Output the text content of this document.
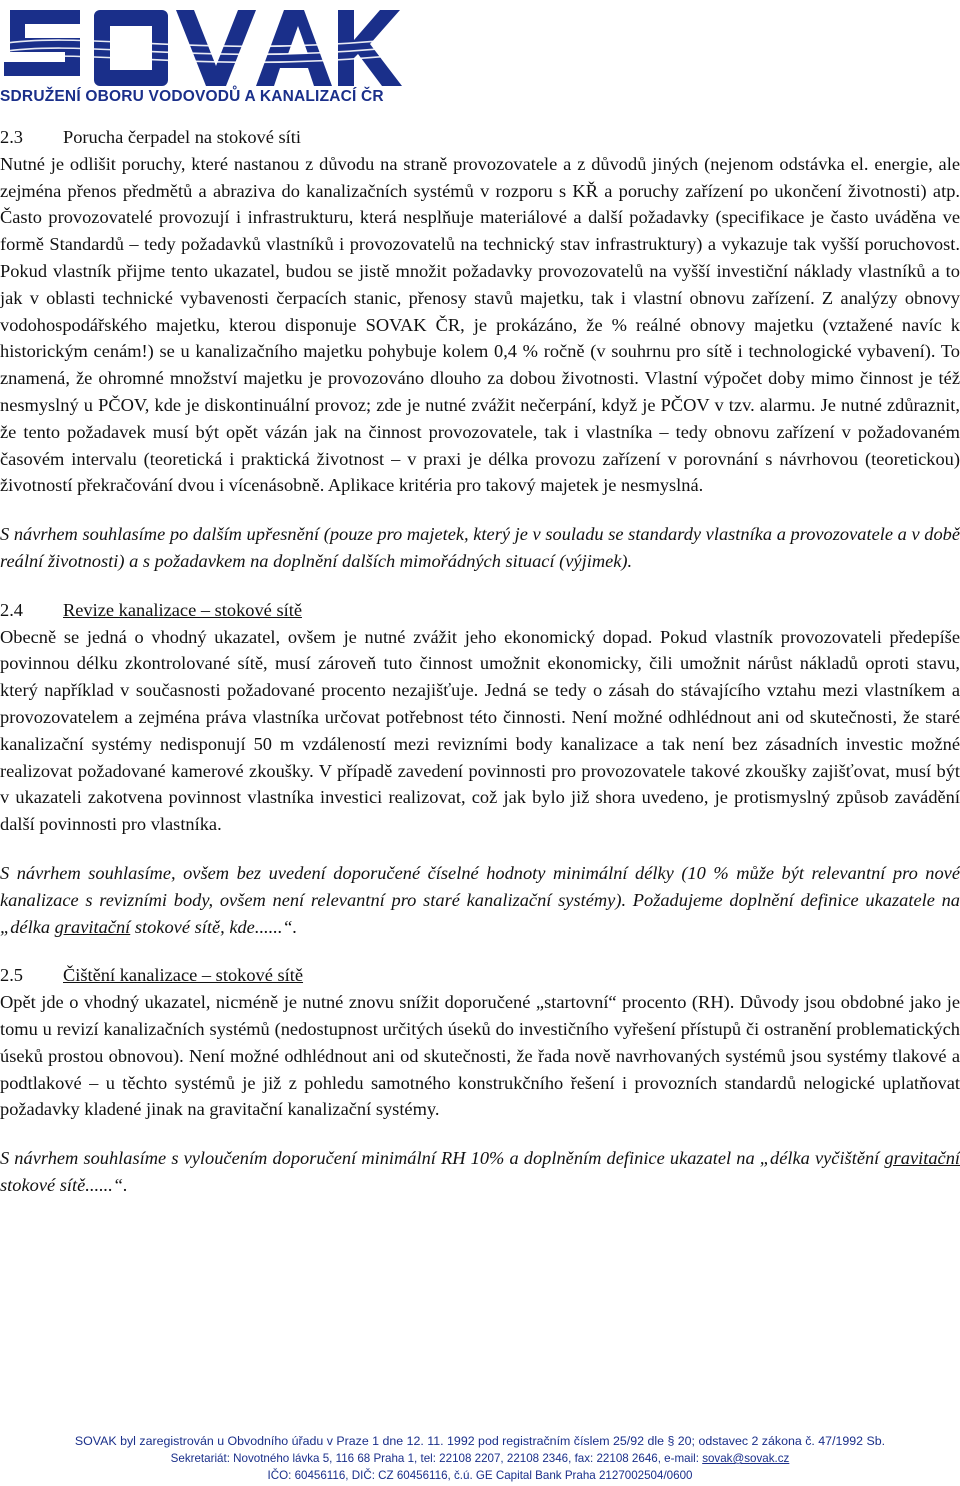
SDRUŽENÍ OBORU VODOVODŮ A KANALIZACÍ ČR

2.3 Porucha čerpadel na stokové síti

Nutné je odlišit poruchy, které nastanou z důvodu na straně provozovatele a z důvodů jiných (nejenom odstávka el. energie, ale zejména přenos předmětů a abraziva do kanalizačních systémů v rozporu s KŘ a poruchy zařízení po ukončení životnosti) atp. Často provozovatelé provozují i infrastrukturu, která nesplňuje materiálové a další požadavky (specifikace je často uváděna ve formě Standardů – tedy požadavků vlastníků i provozovatelů na technický stav infrastruktury) a vykazuje tak vyšší poruchovost. Pokud vlastník přijme tento ukazatel, budou se jistě množit požadavky provozovatelů na vyšší investiční náklady vlastníků a to jak v oblasti technické vybavenosti čerpacích stanic, přenosy stavů majetku, tak i vlastní obnovu zařízení. Z analýzy obnovy vodohospodářského majetku, kterou disponuje SOVAK ČR, je prokázáno, že % reálné obnovy majetku (vztažené navíc k historickým cenám!) se u kanalizačního majetku pohybuje kolem 0,4 % ročně (v souhrnu pro sítě i technologické vybavení). To znamená, že ohromné množství majetku je provozováno dlouho za dobou životnosti. Vlastní výpočet doby mimo činnost je též nesmyslný u PČOV, kde je diskontinuální provoz; zde je nutné zvážit nečerpání, když je PČOV v tzv. alarmu. Je nutné zdůraznit, že tento požadavek musí být opět vázán jak na činnost provozovatele, tak i vlastníka – tedy obnovu zařízení v požadovaném časovém intervalu (teoretická i praktická životnost – v praxi je délka provozu zařízení v porovnání s návrhovou (teoretickou) životností překračování dvou i vícenásobně. Aplikace kritéria pro takový majetek je nesmyslná.

S návrhem souhlasíme po dalším upřesnění (pouze pro majetek, který je v souladu se standardy vlastníka a provozovatele a v době reální životnosti) a s požadavkem na doplnění dalších mimořádných situací (výjimek).

2.4 Revize kanalizace – stokové sítě

Obecně se jedná o vhodný ukazatel, ovšem je nutné zvážit jeho ekonomický dopad. Pokud vlastník provozovateli předepíše povinnou délku zkontrolované sítě, musí zároveň tuto činnost umožnit ekonomicky, čili umožnit nárůst nákladů oproti stavu, který například v současnosti požadované procento nezajišťuje. Jedná se tedy o zásah do stávajícího vztahu mezi vlastníkem a provozovatelem a zejména práva vlastníka určovat potřebnost této činnosti. Není možné odhlédnout ani od skutečnosti, že staré kanalizační systémy nedisponují 50 m vzdáleností mezi revizními body kanalizace a tak není bez zásadních investic možné realizovat požadované kamerové zkoušky. V případě zavedení povinnosti pro provozovatele takové zkoušky zajišťovat, musí být v ukazateli zakotvena povinnost vlastníka investici realizovat, což jak bylo již shora uvedeno, je protismyslný způsob zavádění další povinnosti pro vlastníka.

S návrhem souhlasíme, ovšem bez uvedení doporučené číselné hodnoty minimální délky (10 % může být relevantní pro nové kanalizace s revizními body, ovšem není relevantní pro staré kanalizační systémy). Požadujeme doplnění definice ukazatele na „délka gravitační stokové sítě, kde......“.

2.5 Čištění kanalizace – stokové sítě

Opět jde o vhodný ukazatel, nicméně je nutné znovu snížit doporučené „startovní“ procento (RH). Důvody jsou obdobné jako je tomu u revizí kanalizačních systémů (nedostupnost určitých úseků do investičního vyřešení přístupů či ostranění problematických úseků prostou obnovou). Není možné odhlédnout ani od skutečnosti, že řada nově navrhovaných systémů jsou systémy tlakové a podtlakové – u těchto systémů je již z pohledu samotného konstrukčního řešení i provozních standardů nelogické uplatňovat požadavky kladené jinak na gravitační kanalizační systémy.

S návrhem souhlasíme s vyloučením doporučení minimální RH 10% a doplněním definice ukazatel na „délka vyčištění gravitační stokové sítě......“.

SOVAK byl zaregistrován u Obvodního úřadu v Praze 1 dne 12. 11. 1992 pod registračním číslem 25/92 dle § 20; odstavec 2 zákona č. 47/1992 Sb.
Sekretariát: Novotného lávka 5, 116 68 Praha 1, tel: 22108 2207, 22108 2346, fax: 22108 2646, e-mail: sovak@sovak.cz
IČO: 60456116, DIČ: CZ 60456116, č.ú. GE Capital Bank Praha 2127002504/0600
